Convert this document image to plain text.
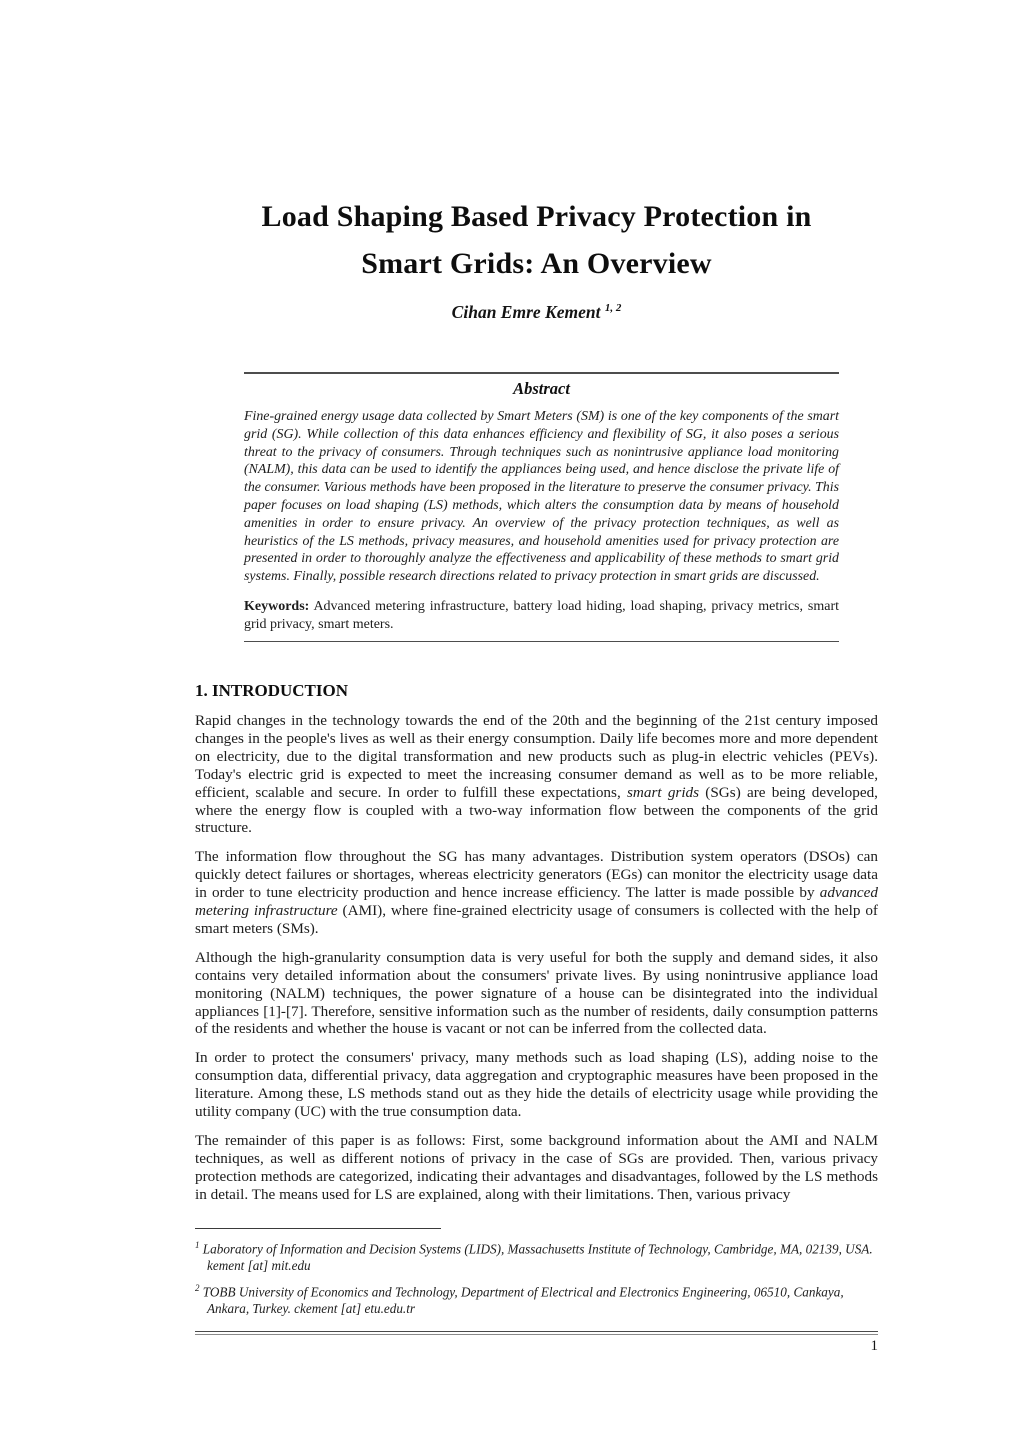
Load Shaping Based Privacy Protection in
Smart Grids: An Overview
Cihan Emre Kement $^{1, 2}$
Abstract
Fine-grained energy usage data collected by Smart Meters (SM) is one of the key components of the smart grid (SG). While collection of this data enhances efficiency and flexibility of SG, it also poses a serious threat to the privacy of consumers. Through techniques such as nonintrusive appliance load monitoring (NALM), this data can be used to identify the appliances being used, and hence disclose the private life of the consumer. Various methods have been proposed in the literature to preserve the consumer privacy. This paper focuses on load shaping (LS) methods, which alters the consumption data by means of household amenities in order to ensure privacy. An overview of the privacy protection techniques, as well as heuristics of the LS methods, privacy measures, and household amenities used for privacy protection are presented in order to thoroughly analyze the effectiveness and applicability of these methods to smart grid systems. Finally, possible research directions related to privacy protection in smart grids are discussed.
Keywords: Advanced metering infrastructure, battery load hiding, load shaping, privacy metrics, smart grid privacy, smart meters.
1. INTRODUCTION

Rapid changes in the technology towards the end of the 20th and the beginning of the 21st century imposed changes in the people's lives as well as their energy consumption. Daily life becomes more and more dependent on electricity, due to the digital transformation and new products such as plug-in electric vehicles (PEVs). Today's electric grid is expected to meet the increasing consumer demand as well as to be more reliable, efficient, scalable and secure. In order to fulfill these expectations, smart grids (SGs) are being developed, where the energy flow is coupled with a two-way information flow between the components of the grid structure.

The information flow throughout the SG has many advantages. Distribution system operators (DSOs) can quickly detect failures or shortages, whereas electricity generators (EGs) can monitor the electricity usage data in order to tune electricity production and hence increase efficiency. The latter is made possible by advanced metering infrastructure (AMI), where fine-grained electricity usage of consumers is collected with the help of smart meters (SMs).

Although the high-granularity consumption data is very useful for both the supply and demand sides, it also contains very detailed information about the consumers' private lives. By using nonintrusive appliance load monitoring (NALM) techniques, the power signature of a house can be disintegrated into the individual appliances [1]-[7]. Therefore, sensitive information such as the number of residents, daily consumption patterns of the residents and whether the house is vacant or not can be inferred from the collected data.

In order to protect the consumers' privacy, many methods such as load shaping (LS), adding noise to the consumption data, differential privacy, data aggregation and cryptographic measures have been proposed in the literature. Among these, LS methods stand out as they hide the details of electricity usage while providing the utility company (UC) with the true consumption data.

The remainder of this paper is as follows: First, some background information about the AMI and NALM techniques, as well as different notions of privacy in the case of SGs are provided. Then, various privacy protection methods are categorized, indicating their advantages and disadvantages, followed by the LS methods in detail. The means used for LS are explained, along with their limitations. Then, various privacy

$^1$ Laboratory of Information and Decision Systems (LIDS), Massachusetts Institute of Technology, Cambridge, MA, 02139, USA. kement [at] mit.edu
$^2$ TOBB University of Economics and Technology, Department of Electrical and Electronics Engineering, 06510, Cankaya, Ankara, Turkey. ckement [at] etu.edu.tr
1
